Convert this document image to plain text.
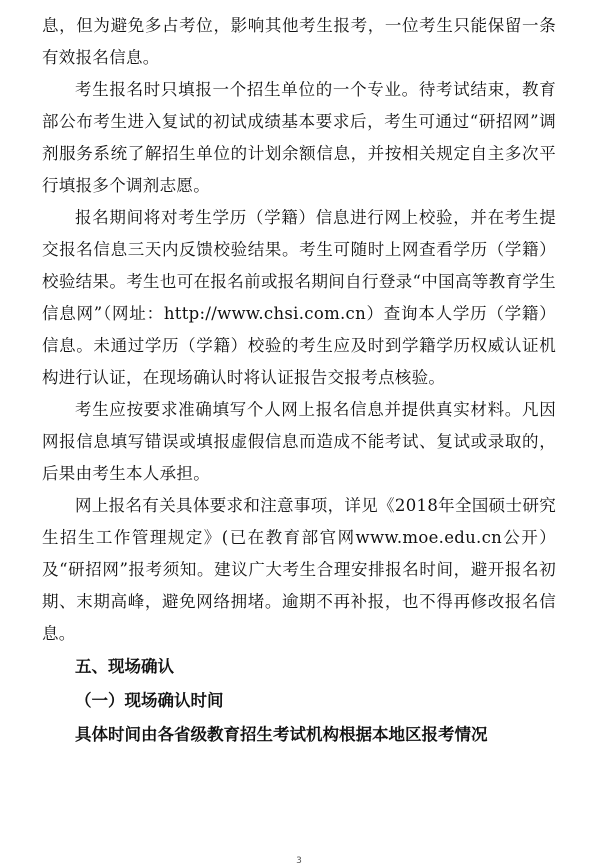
息，但为避免多占考位，影响其他考生报考，一位考生只能保留一条有效报名信息。

考生报名时只填报一个招生单位的一个专业。待考试结束，教育部公布考生进入复试的初试成绩基本要求后，考生可通过“研招网”调剂服务系统了解招生单位的计划余额信息，并按相关规定自主多次平行填报多个调剂志愿。

报名期间将对考生学历（学籍）信息进行网上校验，并在考生提交报名信息三天内反馈校验结果。考生可随时上网查看学历（学籍）校验结果。考生也可在报名前或报名期间自行登录“中国高等教育学生信息网”（网址：http://www.chsi.com.cn）查询本人学历（学籍）信息。未通过学历（学籍）校验的考生应及时到学籍学历权威认证机构进行认证，在现场确认时将认证报告交报考点核验。

考生应按要求准确填写个人网上报名信息并提供真实材料。凡因网报信息填写错误或填报虚假信息而造成不能考试、复试或录取的，后果由考生本人承担。

网上报名有关具体要求和注意事项，详见《2018年全国硕士研究生招生工作管理规定》(已在教育部官网www.moe.edu.cn公开）及“研招网”报考须知。建议广大考生合理安排报名时间，避开报名初期、末期高峰，避免网络拥堵。逾期不再补报，也不得再修改报名信息。

五、现场确认

（一）现场确认时间

具体时间由各省级教育招生考试机构根据本地区报考情况

3
